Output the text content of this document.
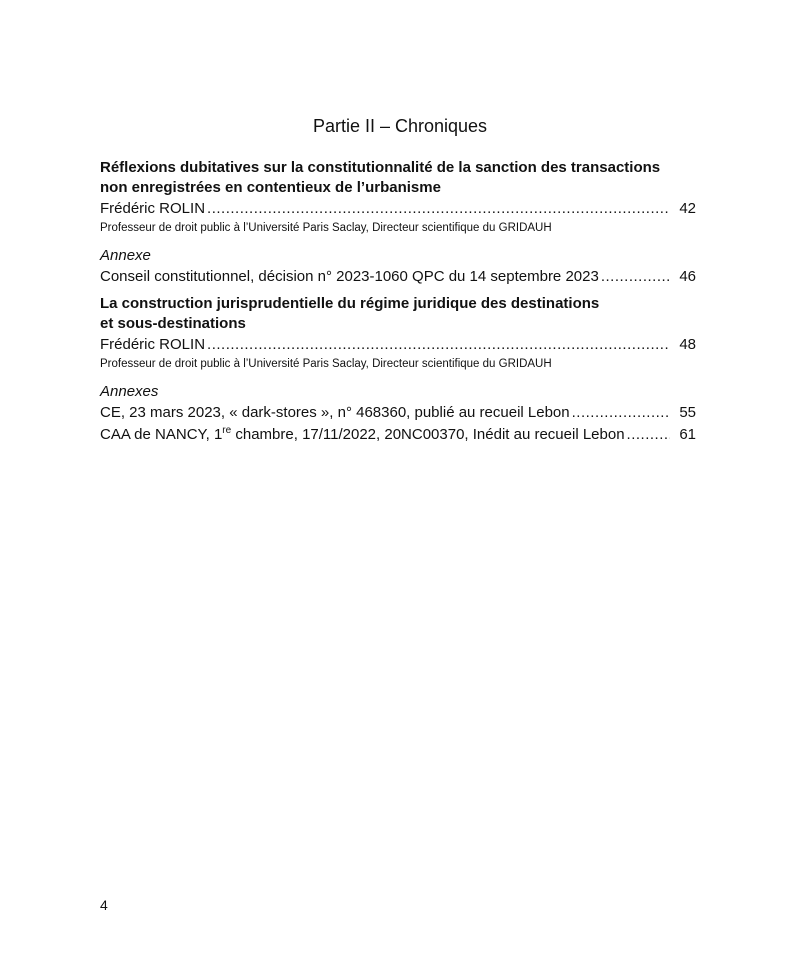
Partie II – Chroniques
Réflexions dubitatives sur la constitutionnalité de la sanction des transactions
non enregistrées en contentieux de l’urbanisme
Frédéric ROLIN .....	42
Professeur de droit public à l’Université Paris Saclay, Directeur scientifique du GRIDAUH
Annexe
Conseil constitutionnel, décision n° 2023-1060 QPC du 14 septembre 2023 .....	46
La construction jurisprudentielle du régime juridique des destinations
et sous-destinations
Frédéric ROLIN .....	48
Professeur de droit public à l’Université Paris Saclay, Directeur scientifique du GRIDAUH
Annexes
CE, 23 mars 2023, « dark-stores », n° 468360, publié au recueil Lebon .....	55
CAA de NANCY, 1re chambre, 17/11/2022, 20NC00370, Inédit au recueil Lebon .....	61
4
